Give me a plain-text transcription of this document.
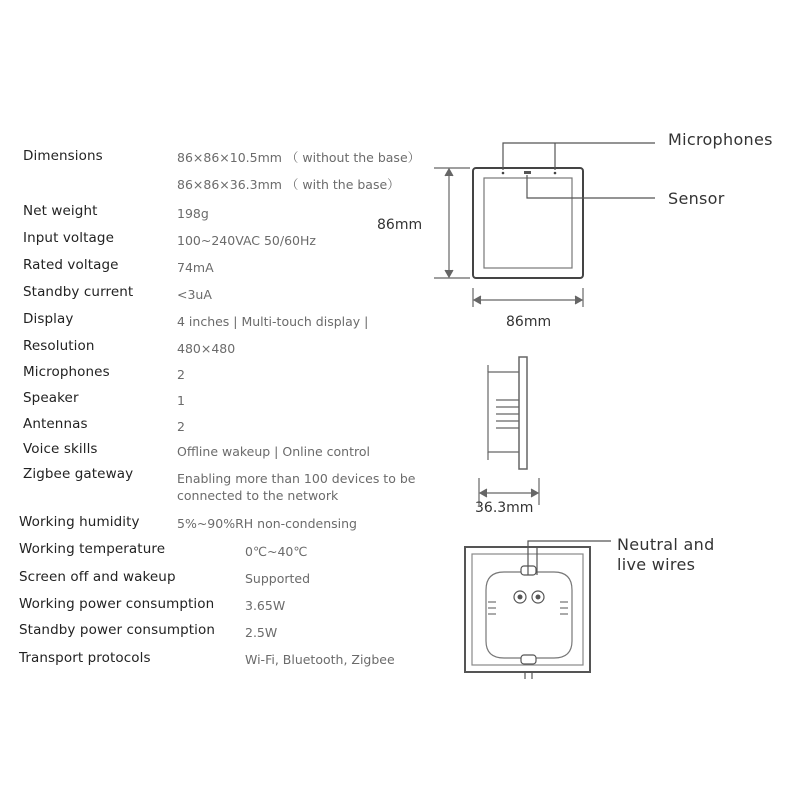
Dimensions
Net weight
Input voltage
Rated voltage
Standby current
Display
Resolution
Microphones
Speaker
Antennas
Voice skills
Zigbee gateway
Working humidity
Working temperature
Screen off and wakeup
Working power consumption
Standby power consumption
Transport protocols
86×86×10.5mm （ without the base）
86×86×36.3mm （ with the base）
198g
100~240VAC 50/60Hz
74mA
<3uA
4 inches | Multi-touch display |
480×480
2
1
2
Offline wakeup | Online control
Enabling more than 100 devices to be
connected to the network
5%~90%RH non-condensing
0℃~40℃
Supported
3.65W
2.5W
Wi-Fi, Bluetooth, Zigbee
Microphones
Sensor
Neutral and
live wires
86mm
86mm
36.3mm
